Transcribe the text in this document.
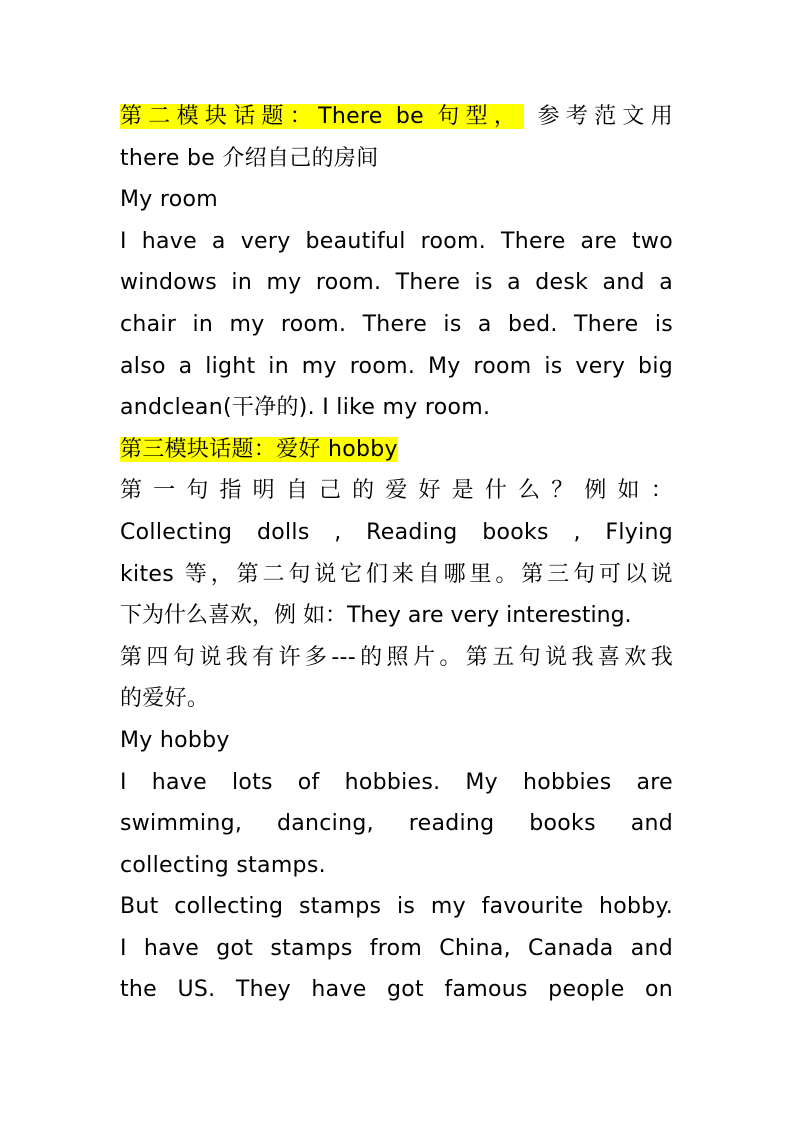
第二模块话题：There be 句型， 参考范文用
there be 介绍自己的房间
My room
I have a very beautiful room. There are two
windows in my room. There is a desk and a
chair in my room. There is a bed. There is
also a light in my room. My room is very big
andclean(干净的). I like my room.
第三模块话题：爱好 hobby
第 一 句 指 明 自 己 的 爱 好 是 什 么 ？ 例 如 ：
Collecting dolls , Reading books , Flying
kites 等，第二句说它们来自哪里。第三句可以说
下为什么喜欢，例 如：They are very interesting.
第四句说我有许多---的照片。第五句说我喜欢我
的爱好。
My hobby
I have lots of hobbies. My hobbies are
swimming, dancing, reading books and
collecting stamps.
But collecting stamps is my favourite hobby.
I have got stamps from China, Canada and
the US. They have got famous people on
